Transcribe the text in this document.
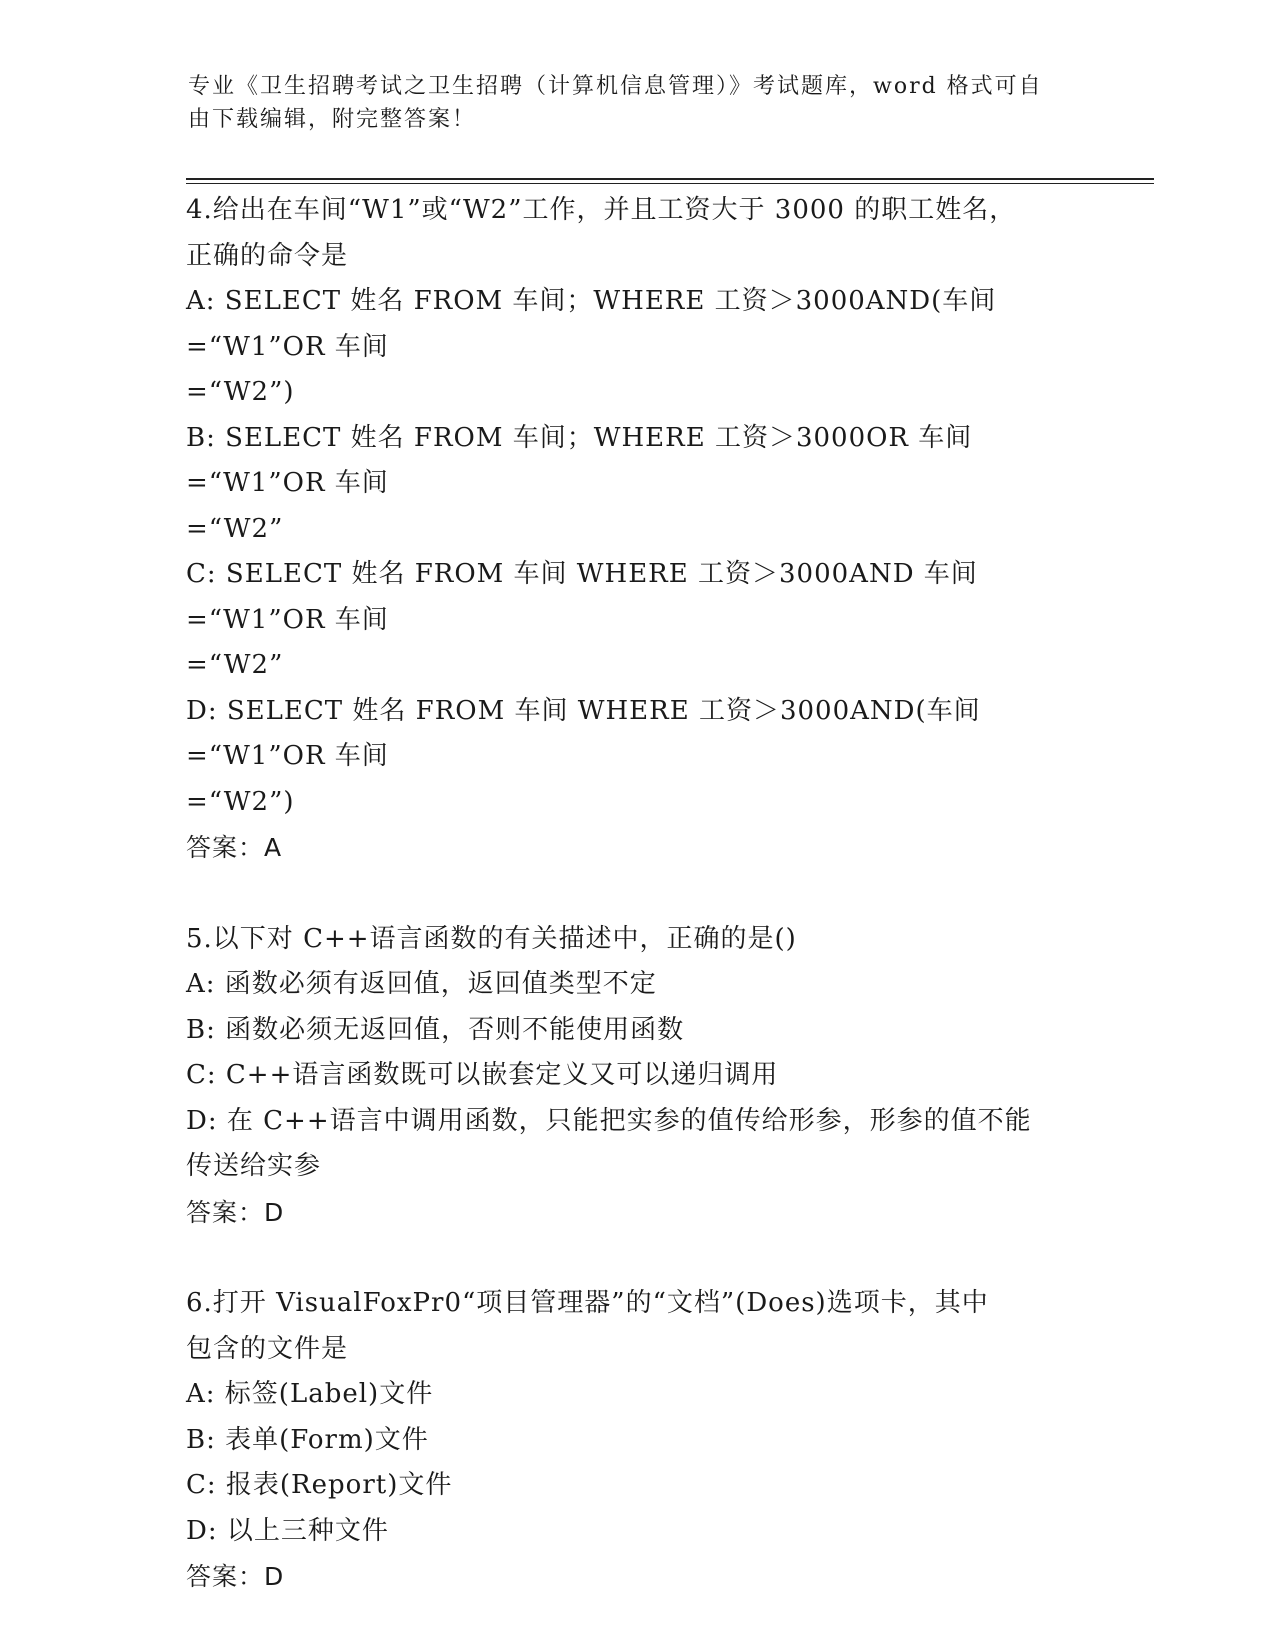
专业《卫生招聘考试之卫生招聘（计算机信息管理）》考试题库，word 格式可自
由下载编辑，附完整答案！
4.给出在车间“W1”或“W2”工作，并且工资大于 3000 的职工姓名，
正确的命令是
A: SELECT 姓名 FROM 车间；WHERE 工资＞3000AND(车间=“W1”OR 车间
=“W2”)
B: SELECT 姓名 FROM 车间；WHERE 工资＞3000OR 车间=“W1”OR 车间
=“W2”
C: SELECT 姓名 FROM 车间 WHERE 工资＞3000AND 车间=“W1”OR 车间
=“W2”
D: SELECT 姓名 FROM 车间 WHERE 工资＞3000AND(车间=“W1”OR 车间
=“W2”)
答案：A
5.以下对 C++语言函数的有关描述中，正确的是()
A: 函数必须有返回值，返回值类型不定
B: 函数必须无返回值，否则不能使用函数
C: C++语言函数既可以嵌套定义又可以递归调用
D: 在 C++语言中调用函数，只能把实参的值传给形参，形参的值不能
传送给实参
答案：D
6.打开 VisualFoxPr0“项目管理器”的“文档”(Does)选项卡，其中
包含的文件是
A: 标签(Label)文件
B: 表单(Form)文件
C: 报表(Report)文件
D: 以上三种文件
答案：D
